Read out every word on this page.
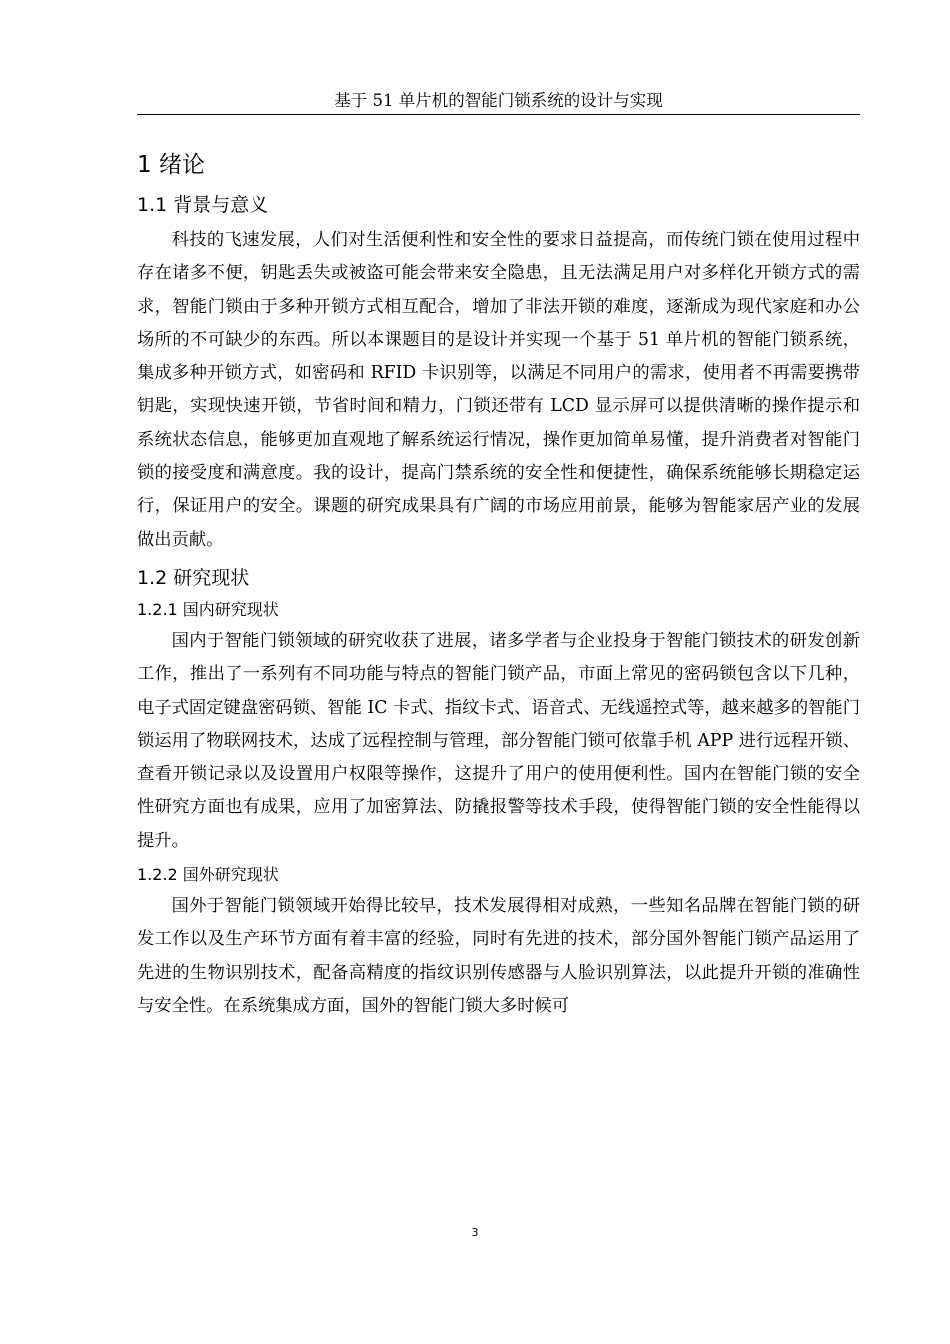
基于 51 单片机的智能门锁系统的设计与实现
1 绪论
1.1 背景与意义

科技的飞速发展，人们对生活便利性和安全性的要求日益提高，而传统门锁在使用过程中存在诸多不便，钥匙丢失或被盗可能会带来安全隐患，且无法满足用户对多样化开锁方式的需求，智能门锁由于多种开锁方式相互配合，增加了非法开锁的难度，逐渐成为现代家庭和办公场所的不可缺少的东西。所以本课题目的是设计并实现一个基于 51 单片机的智能门锁系统，集成多种开锁方式，如密码和 RFID 卡识别等，以满足不同用户的需求，使用者不再需要携带钥匙，实现快速开锁，节省时间和精力，门锁还带有 LCD 显示屏可以提供清晰的操作提示和系统状态信息，能够更加直观地了解系统运行情况，操作更加简单易懂，提升消费者对智能门锁的接受度和满意度。我的设计，提高门禁系统的安全性和便捷性，确保系统能够长期稳定运行，保证用户的安全。课题的研究成果具有广阔的市场应用前景，能够为智能家居产业的发展做出贡献。

1.2 研究现状
1.2.1 国内研究现状

国内于智能门锁领域的研究收获了进展，诸多学者与企业投身于智能门锁技术的研发创新工作，推出了一系列有不同功能与特点的智能门锁产品，市面上常见的密码锁包含以下几种，电子式固定键盘密码锁、智能 IC 卡式、指纹卡式、语音式、无线遥控式等，越来越多的智能门锁运用了物联网技术，达成了远程控制与管理，部分智能门锁可依靠手机 APP 进行远程开锁、查看开锁记录以及设置用户权限等操作，这提升了用户的使用便利性。国内在智能门锁的安全性研究方面也有成果，应用了加密算法、防撬报警等技术手段，使得智能门锁的安全性能得以提升。

1.2.2 国外研究现状

国外于智能门锁领域开始得比较早，技术发展得相对成熟，一些知名品牌在智能门锁的研发工作以及生产环节方面有着丰富的经验，同时有先进的技术，部分国外智能门锁产品运用了先进的生物识别技术，配备高精度的指纹识别传感器与人脸识别算法，以此提升开锁的准确性与安全性。在系统集成方面，国外的智能门锁大多时候可

3
